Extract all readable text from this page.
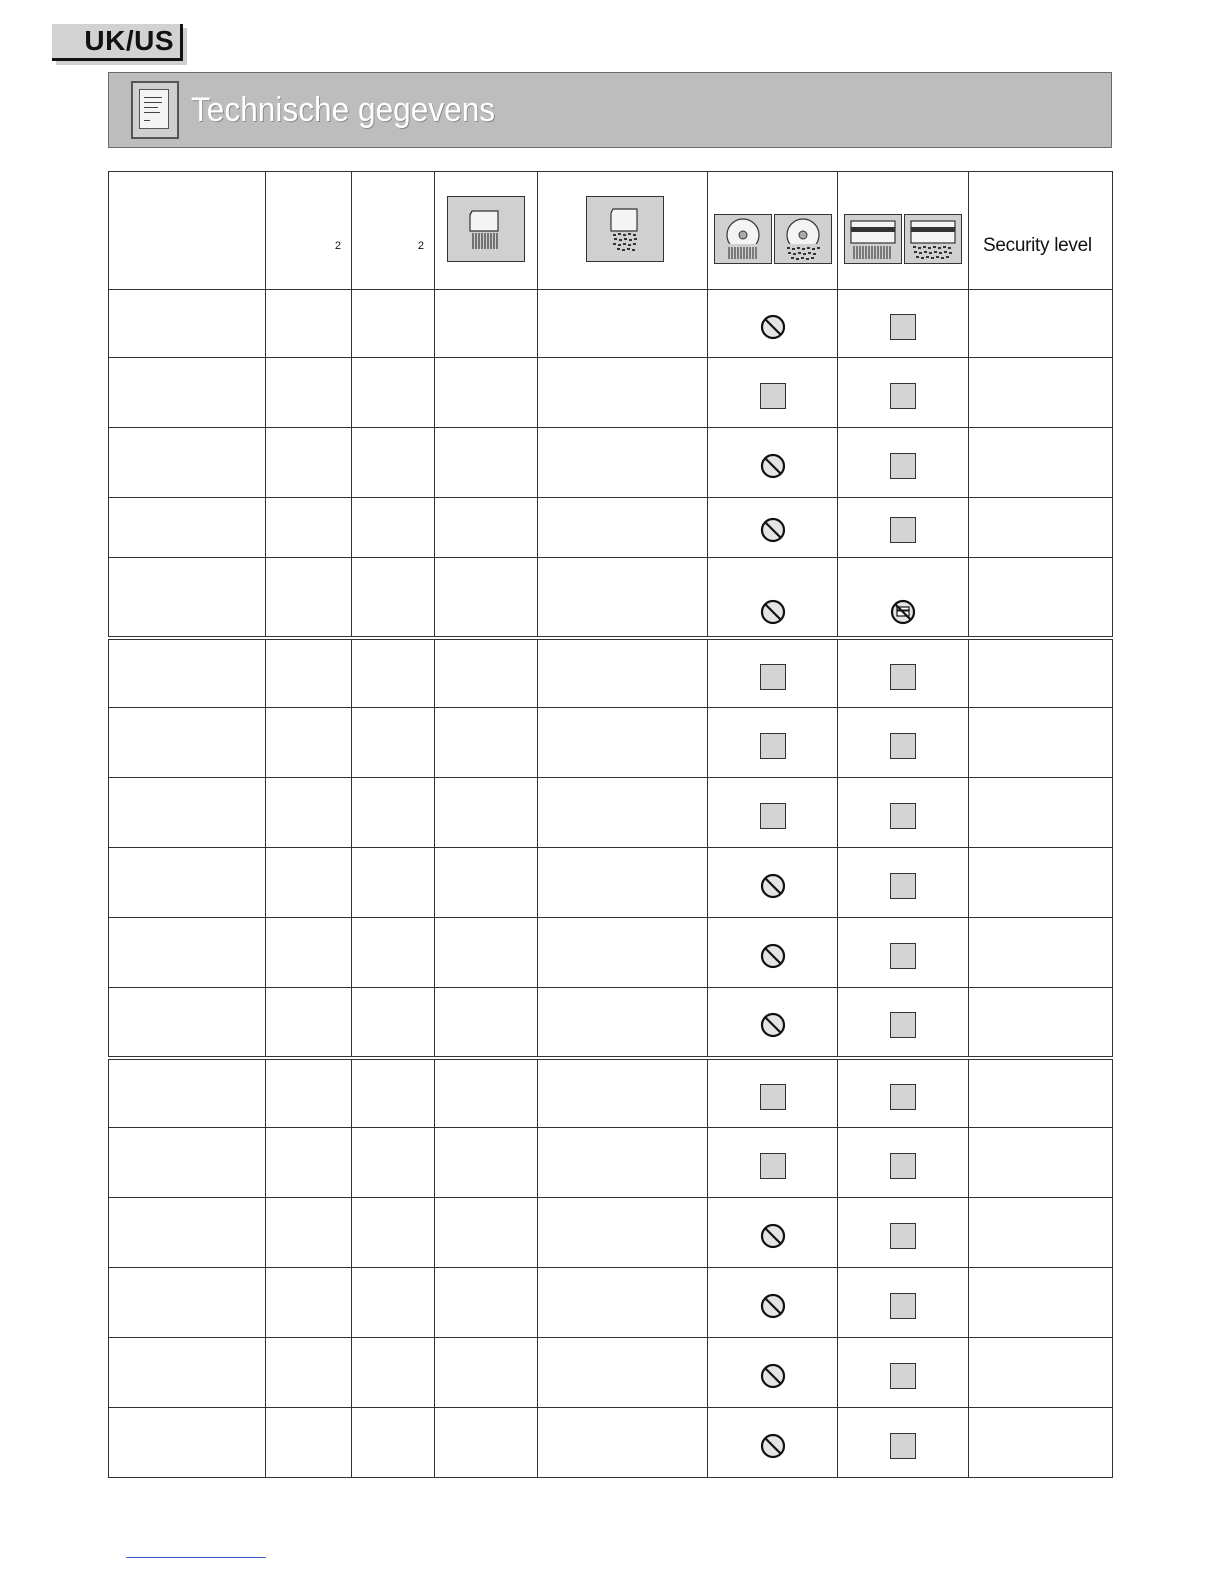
UK/US
Technische gegevens

	2	2					Security level
